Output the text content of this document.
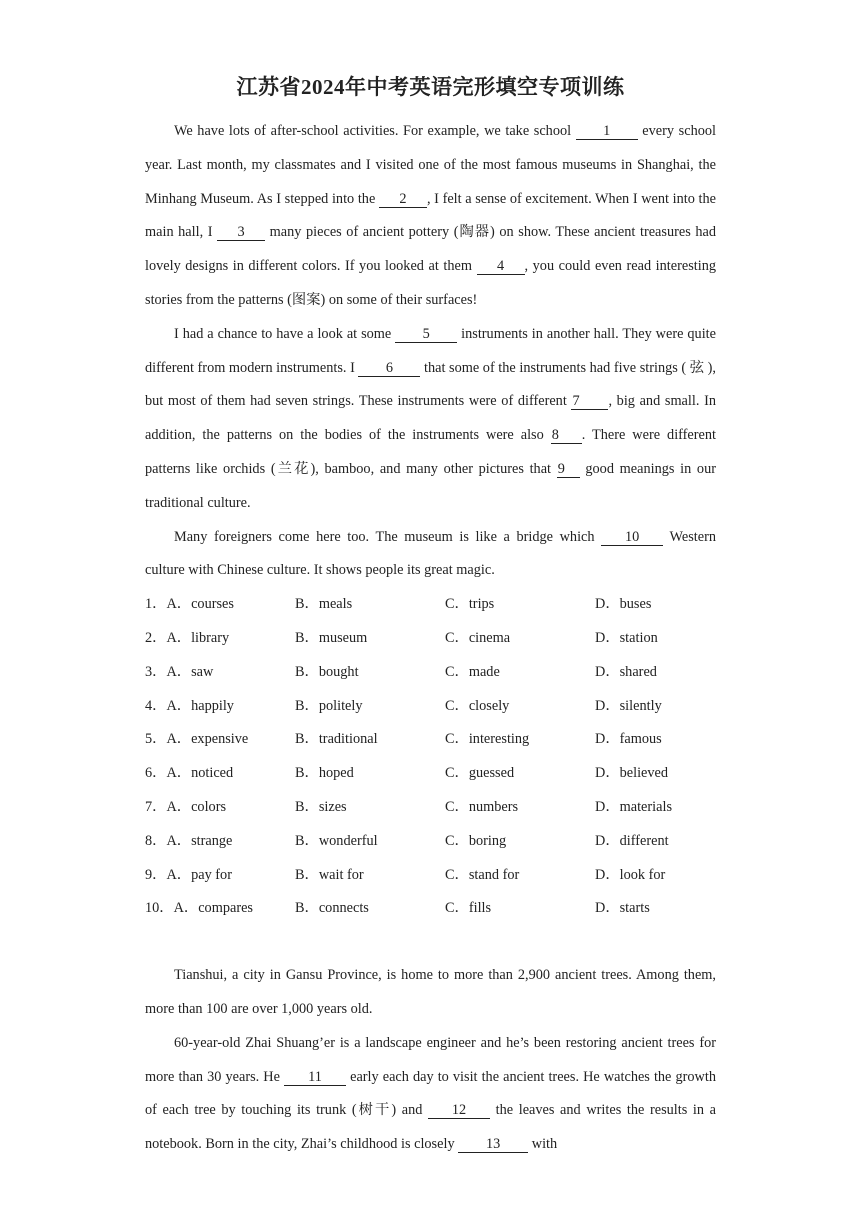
江苏省2024年中考英语完形填空专项训练

We have lots of after-school activities. For example, we take school 1 every school year. Last month, my classmates and I visited one of the most famous museums in Shanghai, the Minhang Museum. As I stepped into the 2 , I felt a sense of excitement. When I went into the main hall, I 3 many pieces of ancient pottery (陶器) on show. These ancient treasures had lovely designs in different colors. If you looked at them 4 , you could even read interesting stories from the patterns (图案) on some of their surfaces!

I had a chance to have a look at some 5 instruments in another hall. They were quite different from modern instruments. I 6 that some of the instruments had five strings ( 弦 ), but most of them had seven strings. These instruments were of different 7 , big and small. In addition, the patterns on the bodies of the instruments were also 8 . There were different patterns like orchids (兰花), bamboo, and many other pictures that 9 good meanings in our traditional culture.

Many foreigners come here too. The museum is like a bridge which 10 Western culture with Chinese culture. It shows people its great magic.

1．A．courses	B．meals	C．trips	D．buses
2．A．library	B．museum	C．cinema	D．station
3．A．saw	B．bought	C．made	D．shared
4．A．happily	B．politely	C．closely	D．silently
5．A．expensive	B．traditional	C．interesting	D．famous
6．A．noticed	B．hoped	C．guessed	D．believed
7．A．colors	B．sizes	C．numbers	D．materials
8．A．strange	B．wonderful	C．boring	D．different
9．A．pay for	B．wait for	C．stand for	D．look for
10．A．compares	B．connects	C．fills	D．starts

Tianshui, a city in Gansu Province, is home to more than 2,900 ancient trees. Among them, more than 100 are over 1,000 years old.

60-year-old Zhai Shuang’er is a landscape engineer and he’s been restoring ancient trees for more than 30 years. He 11 early each day to visit the ancient trees. He watches the growth of each tree by touching its trunk (树干) and 12 the leaves and writes the results in a notebook. Born in the city, Zhai’s childhood is closely 13 with
